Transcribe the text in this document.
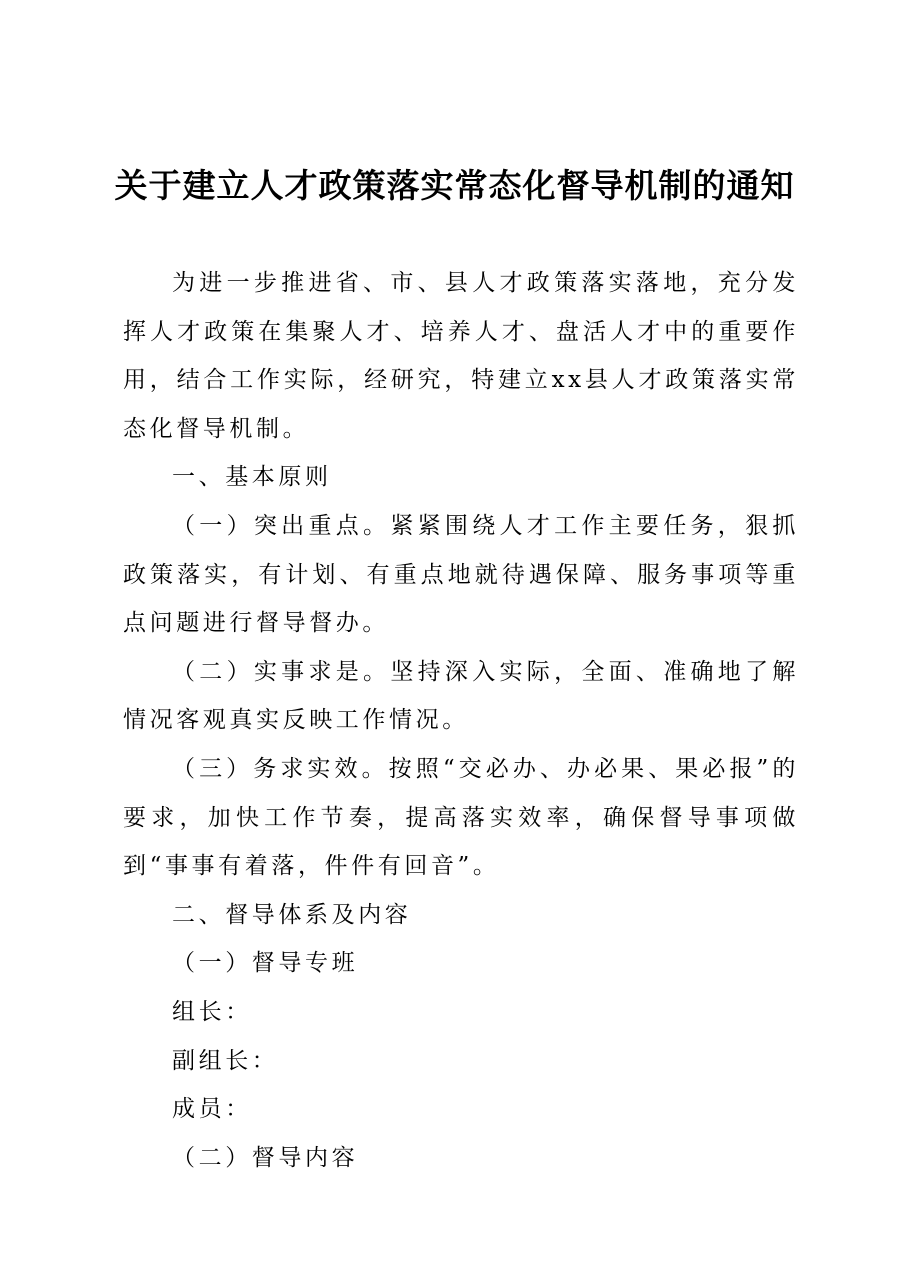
关于建立人才政策落实常态化督导机制的通知

为进一步推进省、市、县人才政策落实落地，充分发挥人才政策在集聚人才、培养人才、盘活人才中的重要作用，结合工作实际，经研究，特建立xx县人才政策落实常态化督导机制。

一、基本原则

（一）突出重点。紧紧围绕人才工作主要任务，狠抓政策落实，有计划、有重点地就待遇保障、服务事项等重点问题进行督导督办。

（二）实事求是。坚持深入实际，全面、准确地了解情况客观真实反映工作情况。

（三）务求实效。按照“交必办、办必果、果必报”的要求，加快工作节奏，提高落实效率，确保督导事项做到“事事有着落，件件有回音”。

二、督导体系及内容

（一）督导专班

组长：

副组长：

成员：

（二）督导内容
